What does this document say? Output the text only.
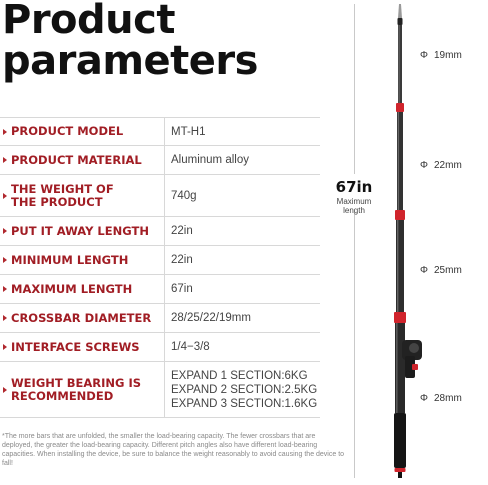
Product
parameters
PRODUCT MODEL	MT-H1
PRODUCT MATERIAL	Aluminum alloy
THE WEIGHT OF
THE PRODUCT	740g
PUT IT AWAY LENGTH 22in
MINIMUM LENGTH	22in
MAXIMUM LENGTH	67in
CROSSBAR DIAMETER 28/25/22/19mm
INTERFACE SCREWS	1/4−3/8
WEIGHT BEARING IS
RECOMMENDED
EXPAND 1 SECTION:6KG
EXPAND 2 SECTION:2.5KG
EXPAND 3 SECTION:1.6KG
*The more bars that are unfolded, the smaller the load-bearing capacity. The fewer crossbars that are deployed, the greater the load-bearing capacity. Different pitch angles also have different load-bearing capacities. When installing the device, be sure to balance the weight reasonably to avoid causing the device to fall!
67in
Maximum length
Φ 19mm
Φ 22mm
Φ 25mm
Φ 28mm
